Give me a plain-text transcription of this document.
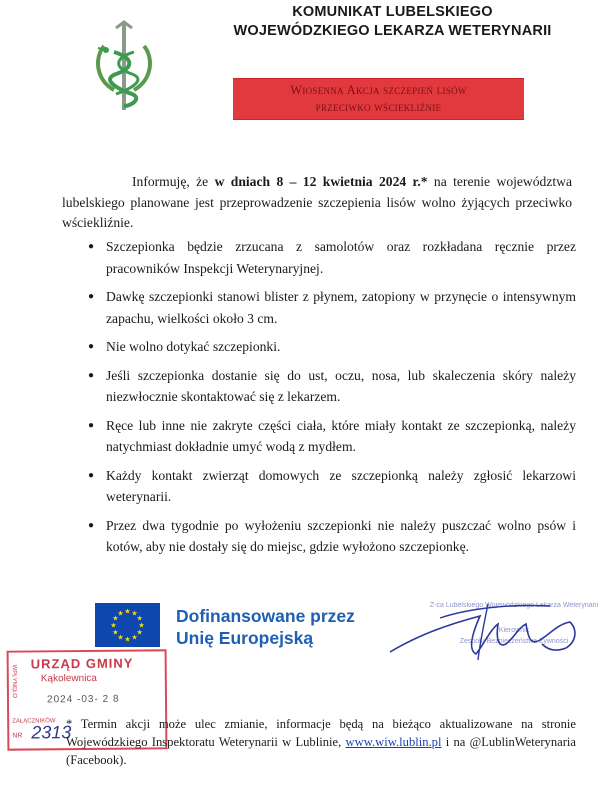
KOMUNIKAT LUBELSKIEGO
WOJEWÓDZKIEGO LEKARZA WETERYNARII
Wiosenna Akcja szczepień lisów
przeciwko wściekliźnie
Informuję, że w dniach 8 – 12 kwietnia 2024 r.* na terenie województwa lubelskiego planowane jest przeprowadzenie szczepienia lisów wolno żyjących przeciwko wściekliźnie.
● Szczepionka będzie zrzucana z samolotów oraz rozkładana ręcznie przez pracowników Inspekcji Weterynaryjnej.
● Dawkę szczepionki stanowi blister z płynem, zatopiony w przynęcie o intensywnym zapachu, wielkości około 3 cm.
● Nie wolno dotykać szczepionki.
● Jeśli szczepionka dostanie się do ust, oczu, nosa, lub skaleczenia skóry należy niezwłocznie skontaktować się z lekarzem.
● Ręce lub inne nie zakryte części ciała, które miały kontakt ze szczepionką, należy natychmiast dokładnie umyć wodą z mydłem.
● Każdy kontakt zwierząt domowych ze szczepionką należy zgłosić lekarzowi weterynarii.
● Przez dwa tygodnie po wyłożeniu szczepionki nie należy puszczać wolno psów i kotów, aby nie dostały się do miejsc, gdzie wyłożono szczepionkę.
★ ★
★
★
★
★
★
★
★
★
★
★	Dofinansowane przez
Unię Europejską
Z-ca Lubelskiego Wojewódzkiego Lekarza Weterynarii
Kierownik
Zespołu Bezpieczeństwa Żywności
URZĄD GMINY
Kąkolewnica
WPŁYNĘŁO
2024 -03- 2 8
ZAŁĄCZNIKÓW
NR 2313
* Termin akcji może ulec zmianie, informacje będą na bieżąco aktualizowane na stronie Wojewódzkiego Inspektoratu Weterynarii w Lublinie, www.wiw.lublin.pl i na @LublinWeterynaria (Facebook).
